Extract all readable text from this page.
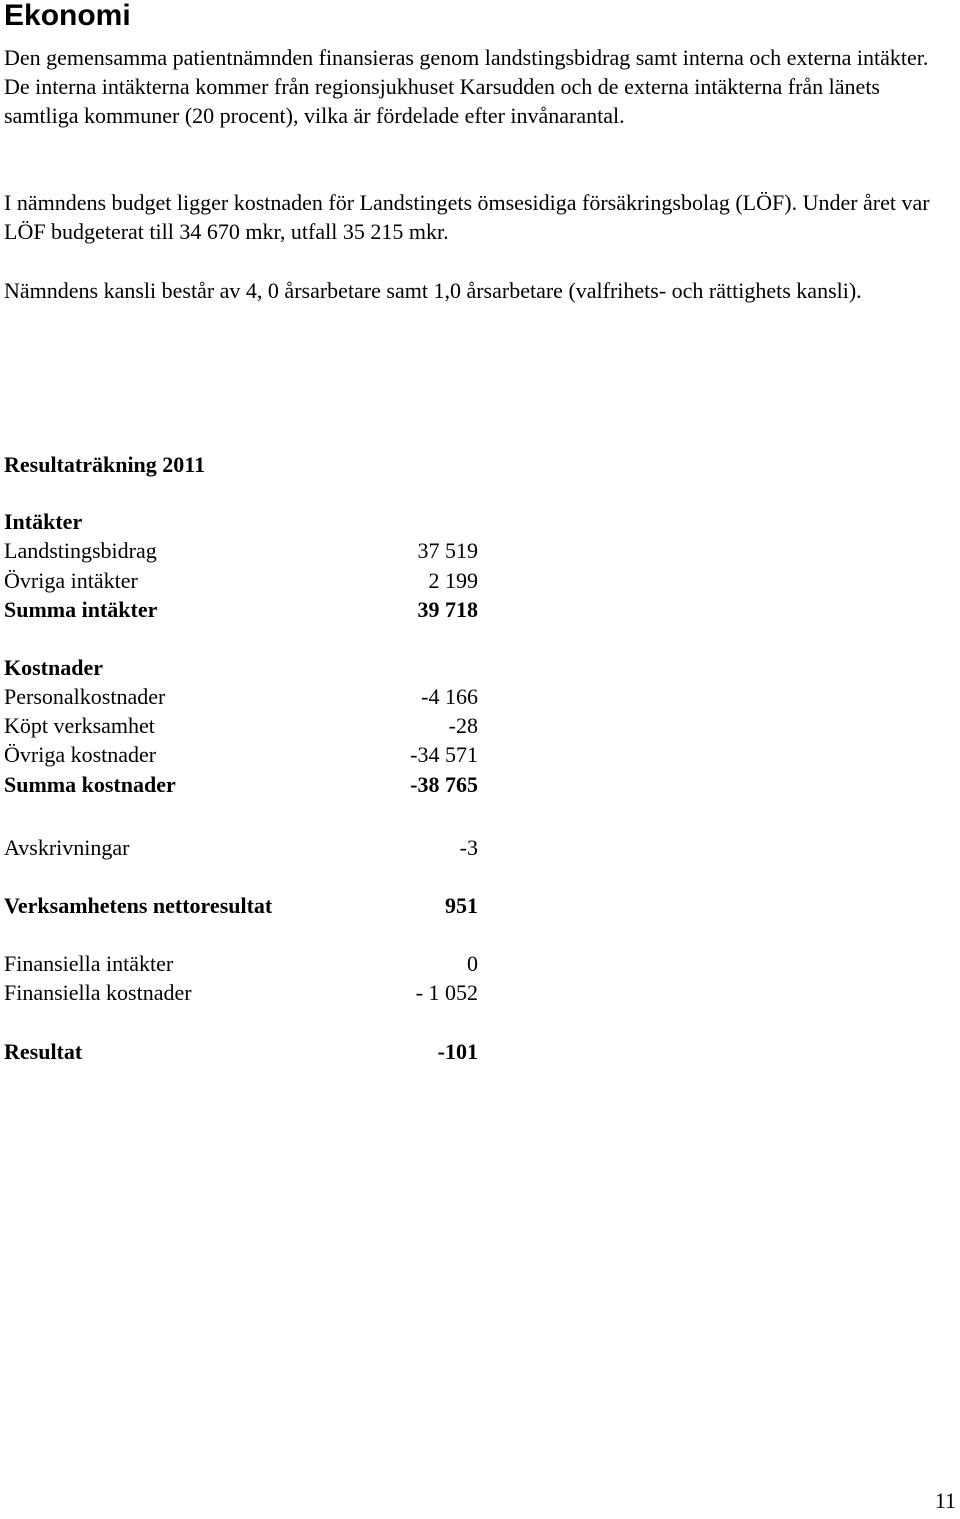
Ekonomi

Den gemensamma patientnämnden finansieras genom landstingsbidrag samt interna och externa intäkter. De interna intäkterna kommer från regionsjukhuset Karsudden och de externa intäkterna från länets samtliga kommuner (20 procent), vilka är fördelade efter invånarantal.

I nämndens budget ligger kostnaden för Landstingets ömsesidiga försäkringsbolag (LÖF). Under året var LÖF budgeterat till 34 670 mkr, utfall 35 215 mkr.

Nämndens kansli består av 4, 0 årsarbetare samt 1,0 årsarbetare (valfrihets- och rättighets kansli).

Resultaträkning 2011

Intäkter
Landstingsbidrag	37 519
Övriga intäkter	2 199
Summa intäkter	39 718
Kostnader
Personalkostnader	-4 166
Köpt verksamhet	-28
Övriga kostnader	-34 571
Summa kostnader	-38 765
Avskrivningar	-3
Verksamhetens nettoresultat	951
Finansiella intäkter	0
Finansiella kostnader	- 1 052
Resultat	-101
11
